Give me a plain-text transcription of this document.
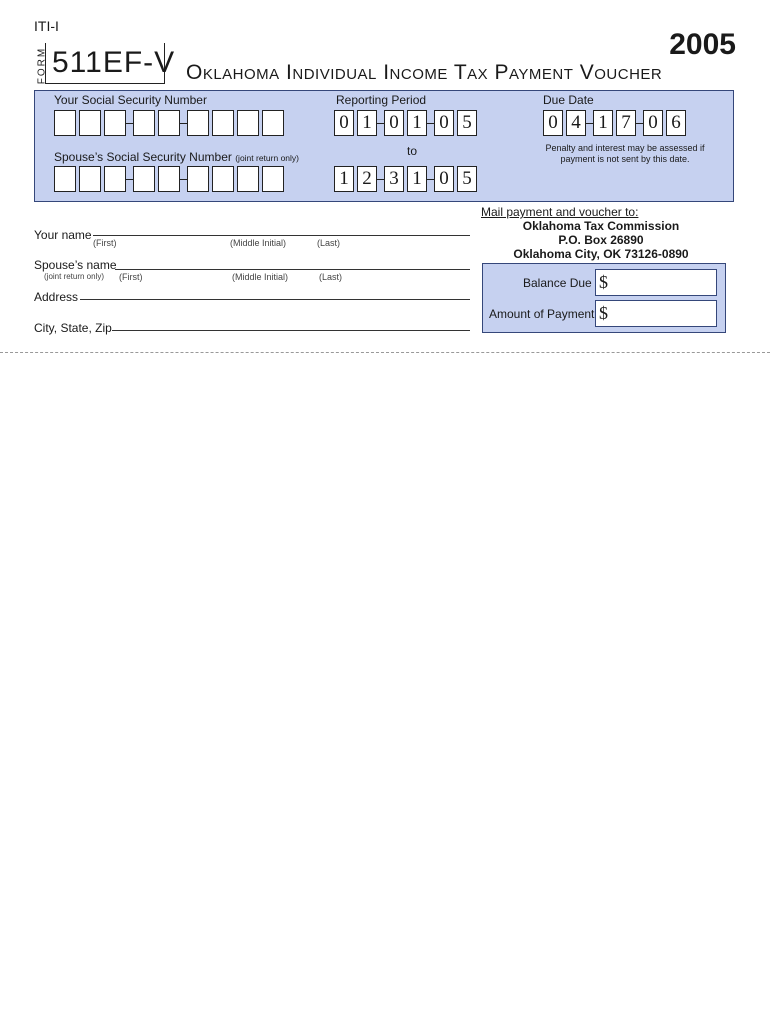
ITI-I
FORM 511EF-V
2005
Oklahoma Individual Income Tax Payment Voucher
Your Social Security Number
Spouse’s Social Security Number (joint return only)
Reporting Period
0 1 0 1 0 5
to
1 2 3 1 0 5
Due Date
0 4 1 7 0 6
Penalty and interest may be assessed if payment is not sent by this date.
Your name
(First)	(Middle Initial)	(Last)
Spouse’s name
(joint return only) (First)	(Middle Initial)	(Last)
Address
City, State, Zip
Mail payment and voucher to:
Oklahoma Tax Commission
P.O. Box 26890
Oklahoma City, OK 73126-0890
Balance Due $
Amount of Payment $
